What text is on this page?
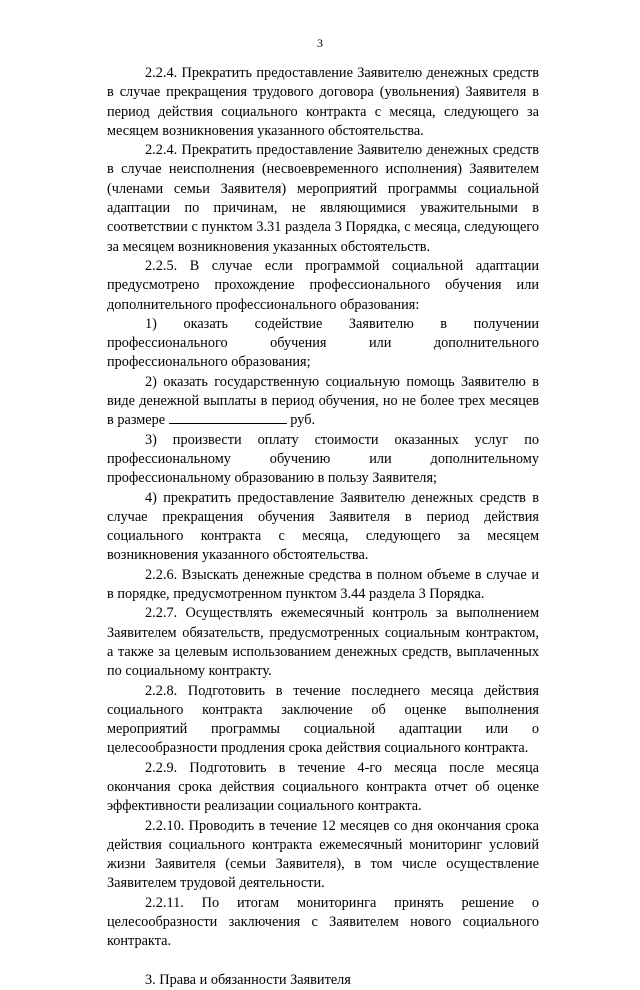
3

2.2.4. Прекратить предоставление Заявителю денежных средств в случае прекращения трудового договора (увольнения) Заявителя в период действия социального контракта с месяца, следующего за месяцем возникновения указанного обстоятельства.

2.2.4. Прекратить предоставление Заявителю денежных средств в случае неисполнения (несвоевременного исполнения) Заявителем (членами семьи Заявителя) мероприятий программы социальной адаптации по причинам, не являющимися уважительными в соответствии с пунктом 3.31 раздела 3 Порядка, с месяца, следующего за месяцем возникновения указанных обстоятельств.

2.2.5. В случае если программой социальной адаптации предусмотрено прохождение профессионального обучения или дополнительного профессионального образования:

1) оказать содействие Заявителю в получении профессионального обучения или дополнительного профессионального образования;

2) оказать государственную социальную помощь Заявителю в виде денежной выплаты в период обучения, но не более трех месяцев в размере	руб.

3) произвести оплату стоимости оказанных услуг по профессиональному обучению или дополнительному профессиональному образованию в пользу Заявителя;

4) прекратить предоставление Заявителю денежных средств в случае прекращения обучения Заявителя в период действия социального контракта с месяца, следующего за месяцем возникновения указанного обстоятельства.

2.2.6. Взыскать денежные средства в полном объеме в случае и в порядке, предусмотренном пунктом 3.44 раздела 3 Порядка.

2.2.7. Осуществлять ежемесячный контроль за выполнением Заявителем обязательств, предусмотренных социальным контрактом, а также за целевым использованием денежных средств, выплаченных по социальному контракту.

2.2.8. Подготовить в течение последнего месяца действия социального контракта заключение об оценке выполнения мероприятий программы социальной адаптации или о целесообразности продления срока действия социального контракта.

2.2.9. Подготовить в течение 4-го месяца после месяца окончания срока действия социального контракта отчет об оценке эффективности реализации социального контракта.

2.2.10. Проводить в течение 12 месяцев со дня окончания срока действия социального контракта ежемесячный мониторинг условий жизни Заявителя (семьи Заявителя), в том числе осуществление Заявителем трудовой деятельности.

2.2.11. По итогам мониторинга принять решение о целесообразности заключения с Заявителем нового социального контракта.

3. Права и обязанности Заявителя
